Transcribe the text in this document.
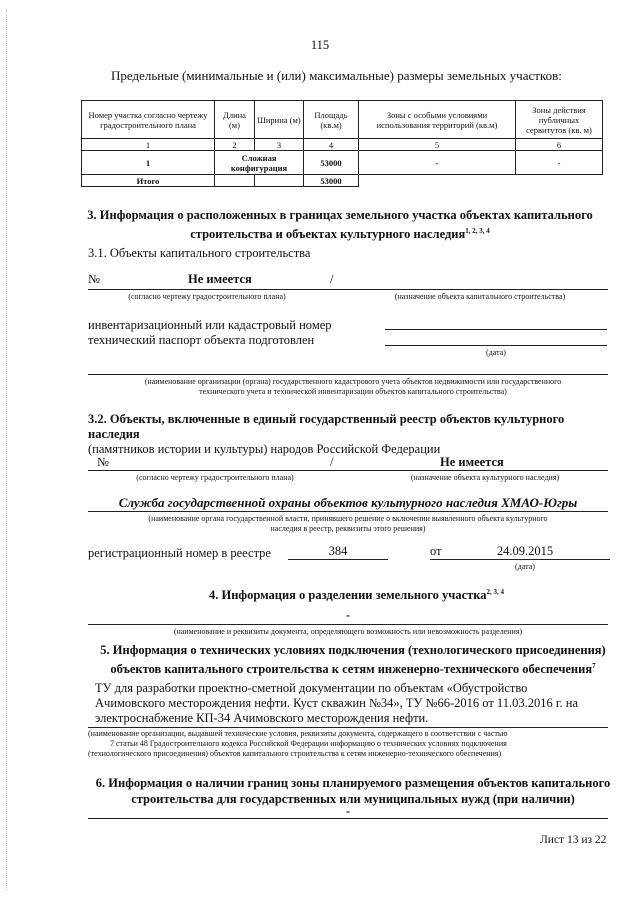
115
Предельные (минимальные и (или) максимальные) размеры земельных участков:
Номер участка согласно чертежу градостроительного плана	Длина (м)	Ширина (м)	Площадь (кв.м)	Зоны с особыми условиями использования территорий (кв.м)	Зоны действия публичных сервитутов (кв. м)
1	2	3	4	5	6
1	Сложная конфигурация		53000	-	-
Итого			53000		
3. Информация о расположенных в границах земельного участка объектах капитального
строительства и объектах культурного наследия$^{1, 2, 3, 4}$
3.1. Объекты капитального строительства
№	Не имеется	/
(согласно чертежу градостроительного плана)	(назначение объекта капитального строительства)
инвентаризационный или кадастровый номер
технический паспорт объекта подготовлен
(дата)
(наименование организации (органа) государственного кадастрового учета объектов недвижимости или государственного
технического учета и технической инвентаризации объектов капитального строительства)
3.2. Объекты, включенные в единый государственный реестр объектов культурного наследия
(памятников истории и культуры) народов Российской Федерации
№	/	Не имеется
(согласно чертежу градостроительного плана)	(назначение объекта культурного наследия)
Служба государственной охраны объектов культурного наследия ХМАО-Югры
(наименование органа государственной власти, принявшего решение о включении выявленного объекта культурного
наследия в реестр, реквизиты этого решения)
регистрационный номер в реестре	384	от	24.09.2015
(дата)
4. Информация о разделении земельного участка$^{2, 3, 4}$
-
(наименование и реквизиты документа, определяющего возможность или невозможность разделения)
5. Информация о технических условиях подключения (технологического присоединения)
объектов капитального строительства к сетям инженерно-технического обеспечения$^7$
ТУ для разработки проектно-сметной документации по объектам «Обустройство
Ачимовского месторождения нефти. Куст скважин №34», ТУ №66-2016 от 11.03.2016 г. на
электроснабжение КП-34 Ачимовского месторождения нефти.
(наименование организации, выдавшей технические условия, реквизиты документа, содержащего в соответствии с частью
7 статьи 48 Градостроительного кодекса Российской Федерации информацию о технических условиях подключения
(технологического присоединения) объектов капитального строительства к сетям инженерно-технического обеспечения)
6. Информация о наличии границ зоны планируемого размещения объектов капитального
строительства для государственных или муниципальных нужд (при наличии)
-
Лист 13 из 22
